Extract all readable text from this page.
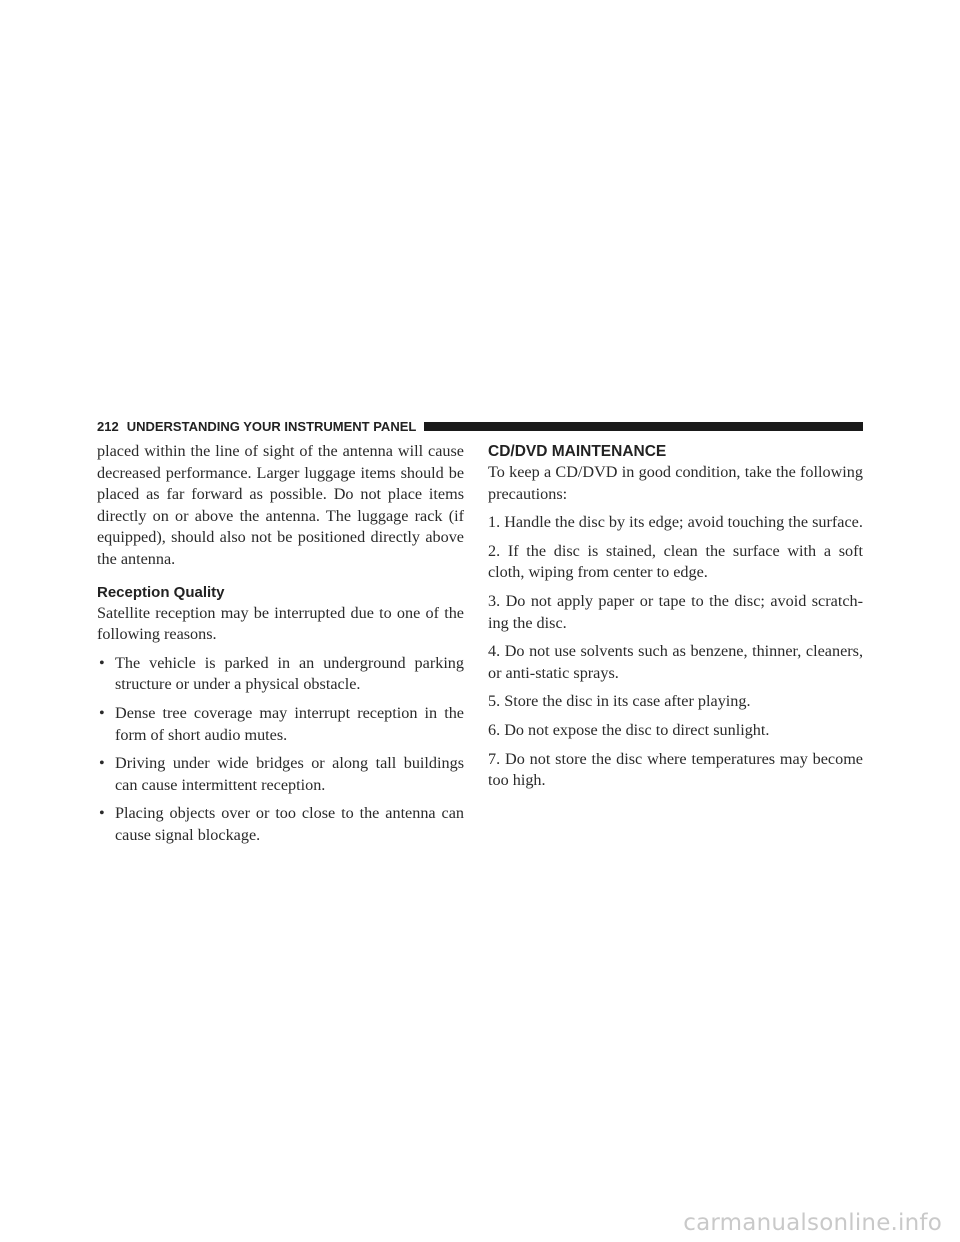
212 UNDERSTANDING YOUR INSTRUMENT PANEL

placed within the line of sight of the antenna will cause decreased performance. Larger luggage items should be placed as far forward as possible. Do not place items directly on or above the antenna. The luggage rack (if equipped), should also not be positioned directly above the antenna.

Reception Quality

Satellite reception may be interrupted due to one of the following reasons.

• The vehicle is parked in an underground parking structure or under a physical obstacle.
• Dense tree coverage may interrupt reception in the form of short audio mutes.
• Driving under wide bridges or along tall buildings can cause intermittent reception.
• Placing objects over or too close to the antenna can cause signal blockage.
CD/DVD MAINTENANCE

To keep a CD/DVD in good condition, take the following precautions:

1. Handle the disc by its edge; avoid touching the surface.

2. If the disc is stained, clean the surface with a soft cloth, wiping from center to edge.

3. Do not apply paper or tape to the disc; avoid scratch- ing the disc.

4. Do not use solvents such as benzene, thinner, cleaners, or anti-static sprays.

5. Store the disc in its case after playing.

6. Do not expose the disc to direct sunlight.

7. Do not store the disc where temperatures may become too high.

carmanualsonline.info
